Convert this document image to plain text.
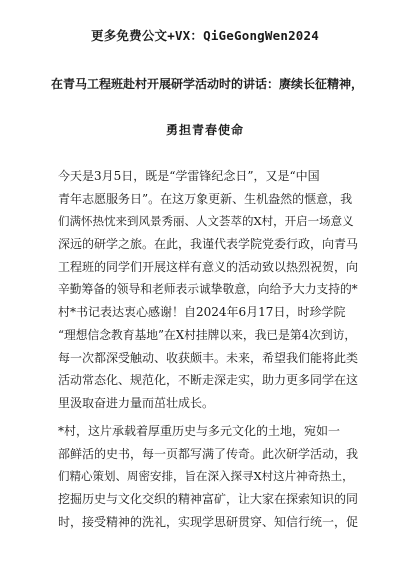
更多免费公文+VX：QiGeGongWen2024
在青马工程班赴村开展研学活动时的讲话：赓续长征精神，
勇担青春使命
今天是3月5日，既是“学雷锋纪念日”，又是“中国
青年志愿服务日”。在这万象更新、生机盎然的惬意，我
们满怀热忱来到风景秀丽、人文荟萃的X村，开启一场意义
深远的研学之旅。在此，我谨代表学院党委行政，向青马
工程班的同学们开展这样有意义的活动致以热烈祝贺，向
辛勤筹备的领导和老师表示诚挚敬意，向给予大力支持的*
村*书记表达衷心感谢！自2024年6月17日，时珍学院
“理想信念教育基地”在X村挂牌以来，我已是第4次到访，
每一次都深受触动、收获颇丰。未来，希望我们能将此类
活动常态化、规范化，不断走深走实，助力更多同学在这
里汲取奋进力量而茁壮成长。
*村，这片承载着厚重历史与多元文化的土地，宛如一
部鲜活的史书，每一页都写满了传奇。此次研学活动，我
们精心策划、周密安排，旨在深入探寻X村这片神奇热土，
挖掘历史与文化交织的精神富矿，让大家在探索知识的同
时，接受精神的洗礼，实现学思研贯穿、知信行统一，促
